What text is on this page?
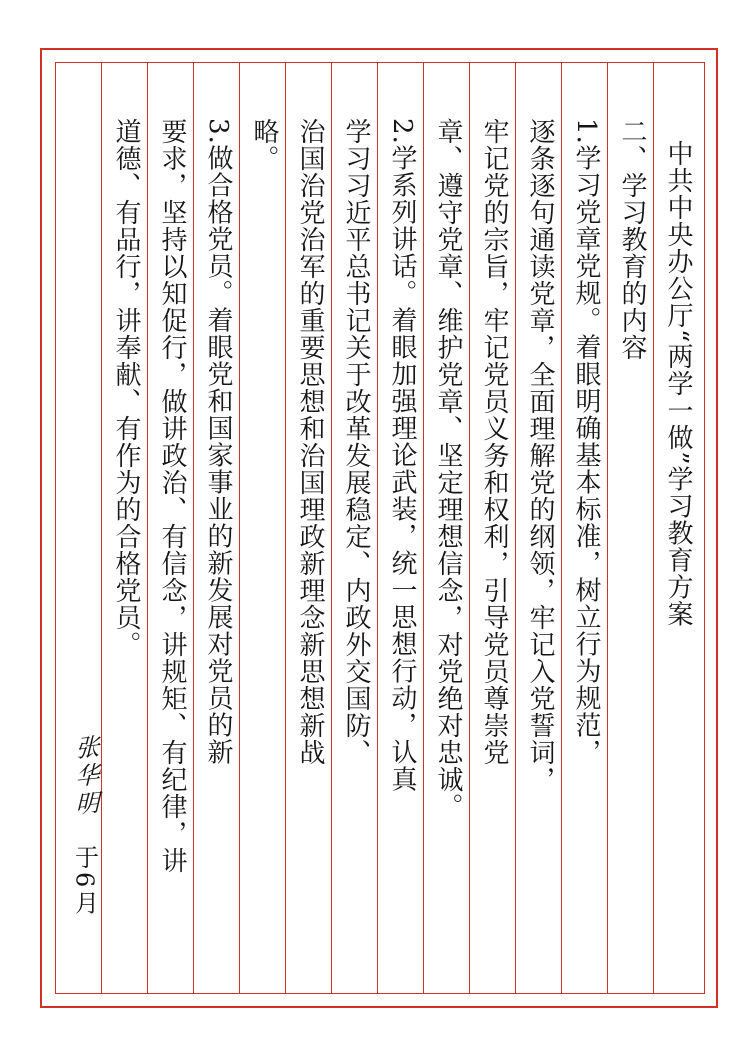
中共中央办公厅“两学一做”学习教育方案
二、学习教育的内容
1.学习党章党规。着眼明确基本标准，树立行为规范，
逐条逐句通读党章，全面理解党的纲领，牢记入党誓词，
牢记党的宗旨，牢记党员义务和权利，引导党员尊崇党
章、遵守党章、维护党章、坚定理想信念，对党绝对忠诚。
2.学系列讲话。着眼加强理论武装，统一思想行动，认真
学习习近平总书记关于改革发展稳定、内政外交国防、
治国治党治军的重要思想和治国理政新理念新思想新战
略。
3.做合格党员。着眼党和国家事业的新发展对党员的新
要求，坚持以知促行，做讲政治、有信念，讲规矩、有纪律，讲
道德、有品行，讲奉献、有作为的合格党员。
张华明
于6月
